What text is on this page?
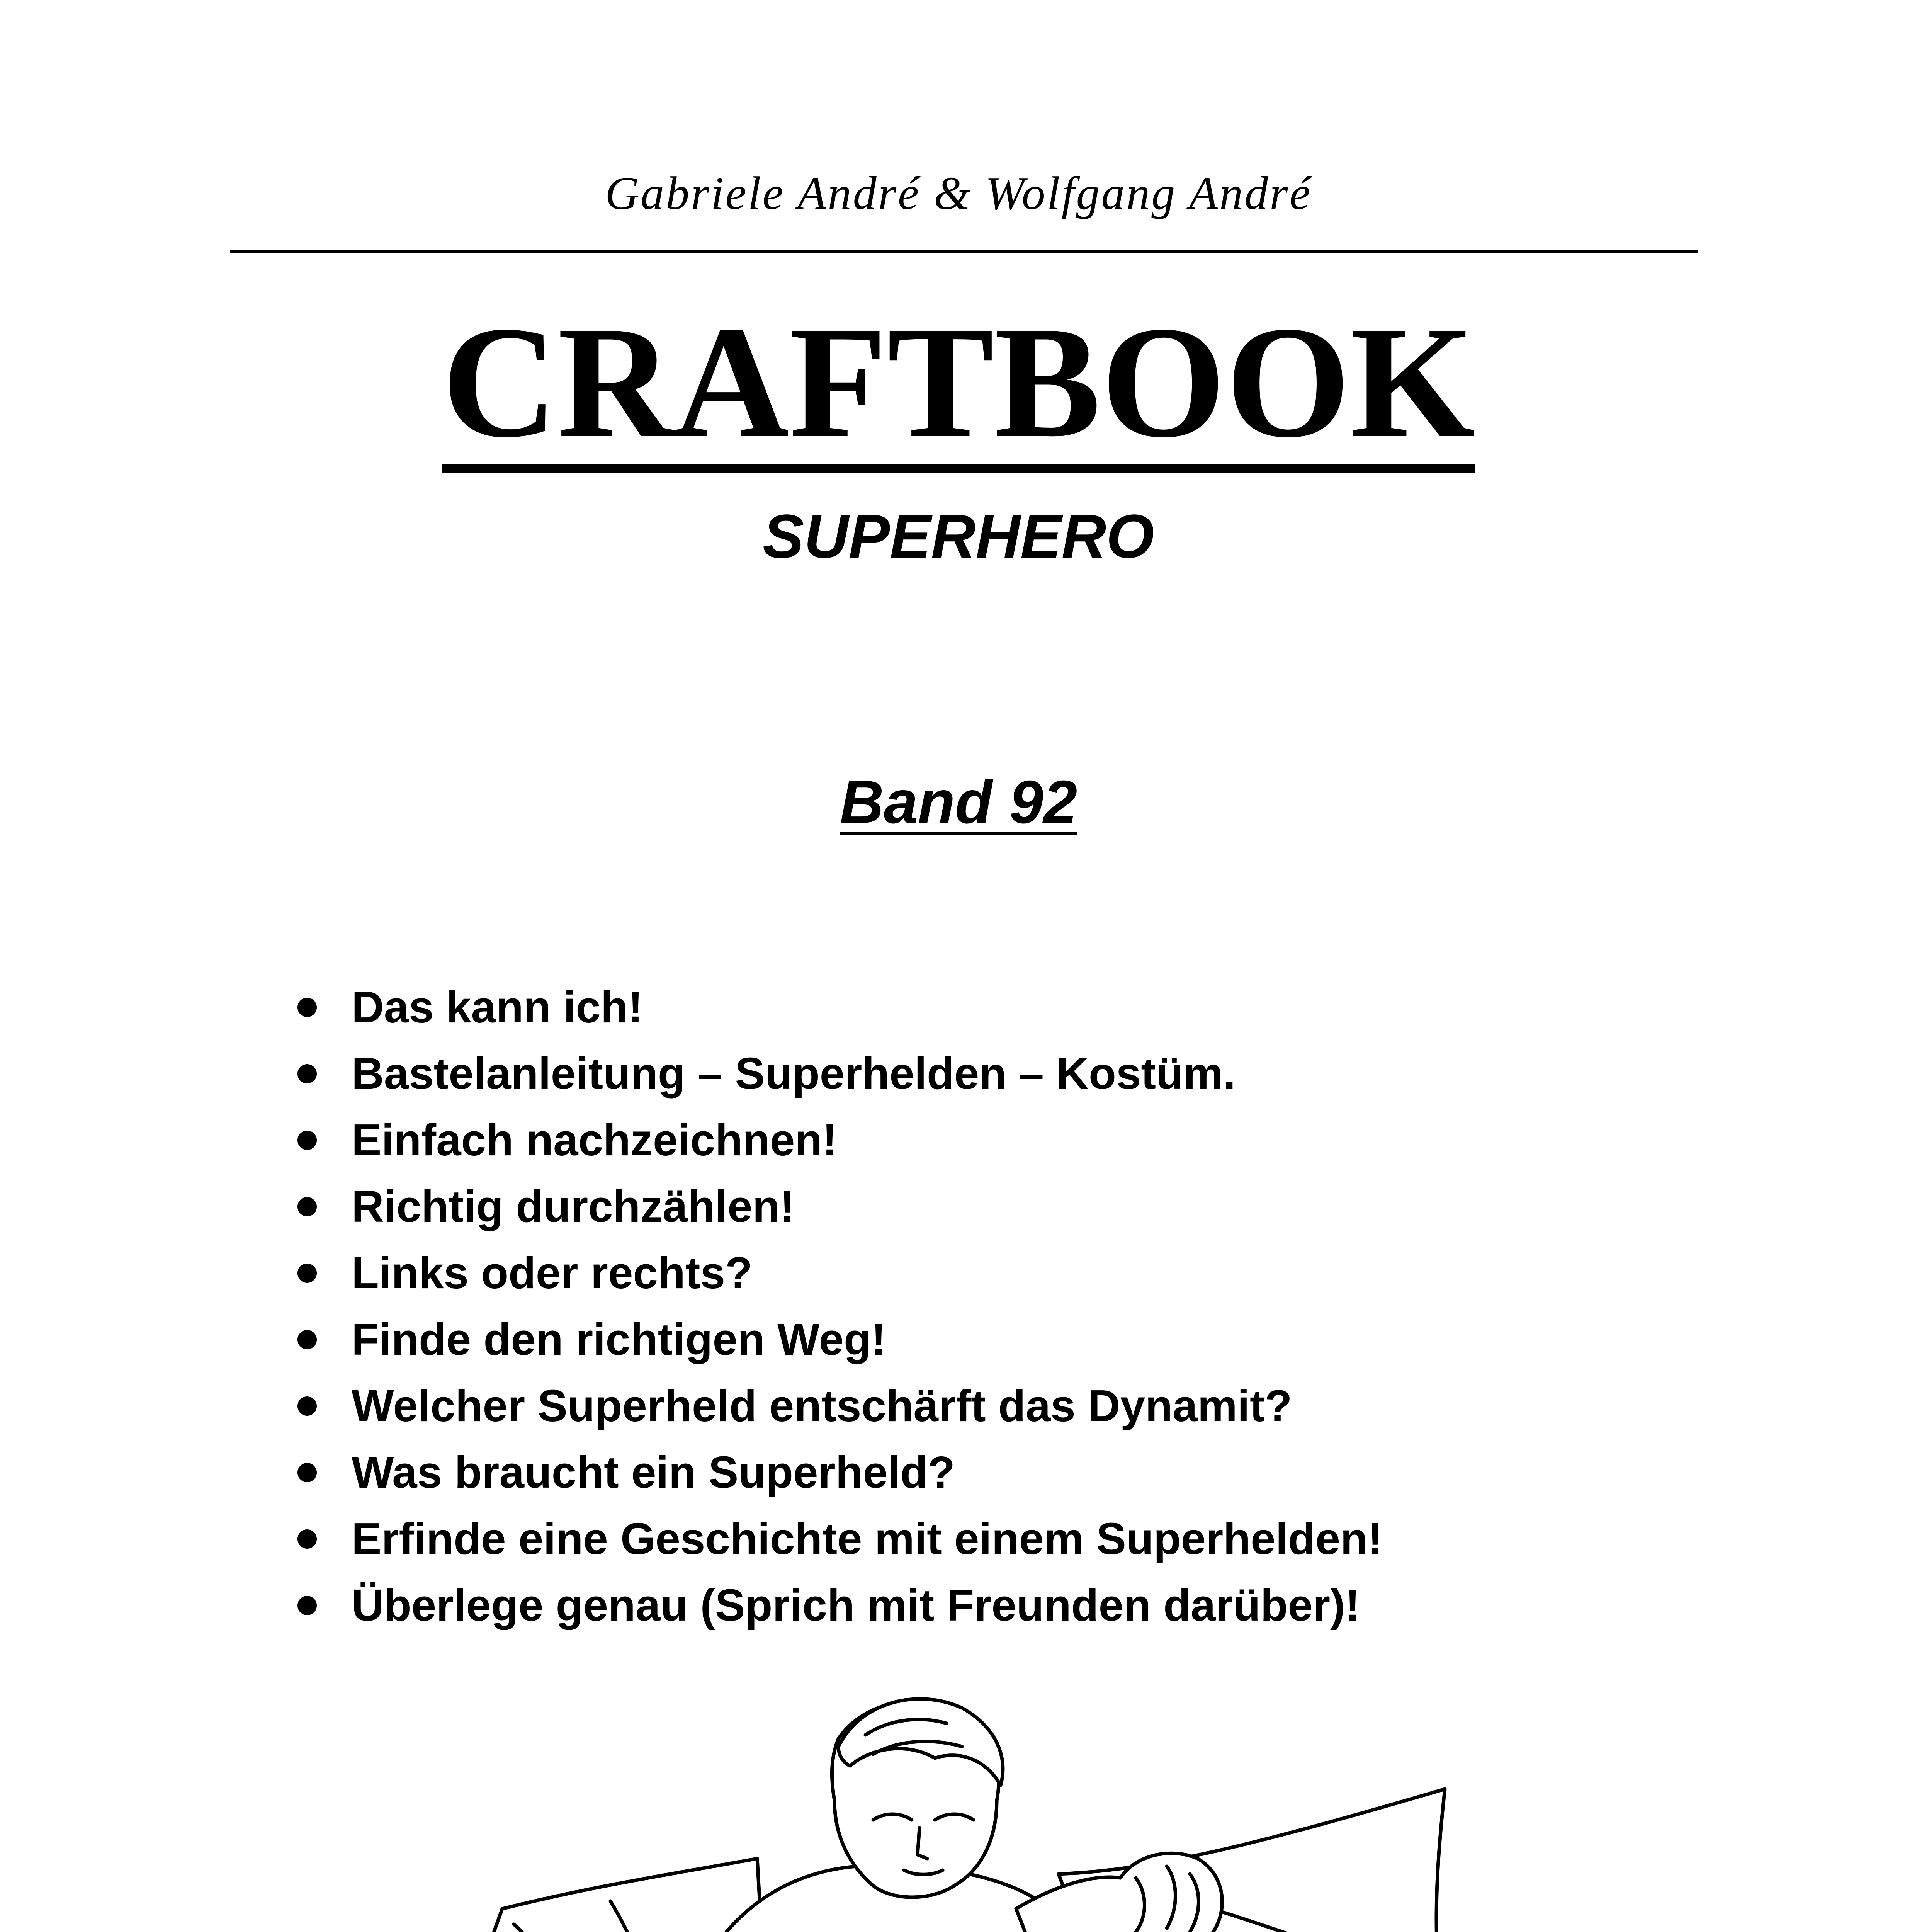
Gabriele André & Wolfgang André
CRAFTBOOK
SUPERHERO
Band 92
Das kann ich!
Bastelanleitung – Superhelden – Kostüm.
Einfach nachzeichnen!
Richtig durchzählen!
Links oder rechts?
Finde den richtigen Weg!
Welcher Superheld entschärft das Dynamit?
Was braucht ein Superheld?
Erfinde eine Geschichte mit einem Superhelden!
Überlege genau (Sprich mit Freunden darüber)!
